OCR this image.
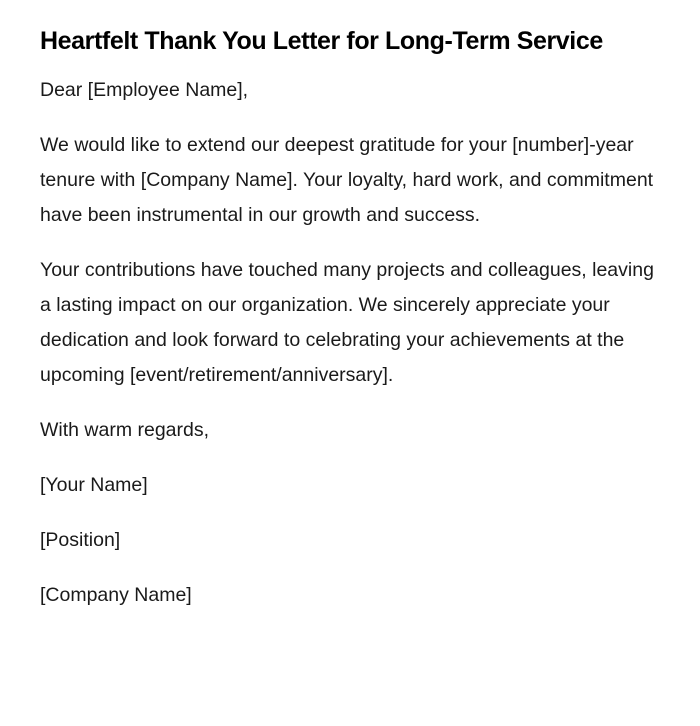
Heartfelt Thank You Letter for Long-Term Service

Dear [Employee Name],

We would like to extend our deepest gratitude for your [number]-year tenure with [Company Name]. Your loyalty, hard work, and commitment have been instrumental in our growth and success.

Your contributions have touched many projects and colleagues, leaving a lasting impact on our organization. We sincerely appreciate your dedication and look forward to celebrating your achievements at the upcoming [event/retirement/anniversary].

With warm regards,

[Your Name]

[Position]

[Company Name]
